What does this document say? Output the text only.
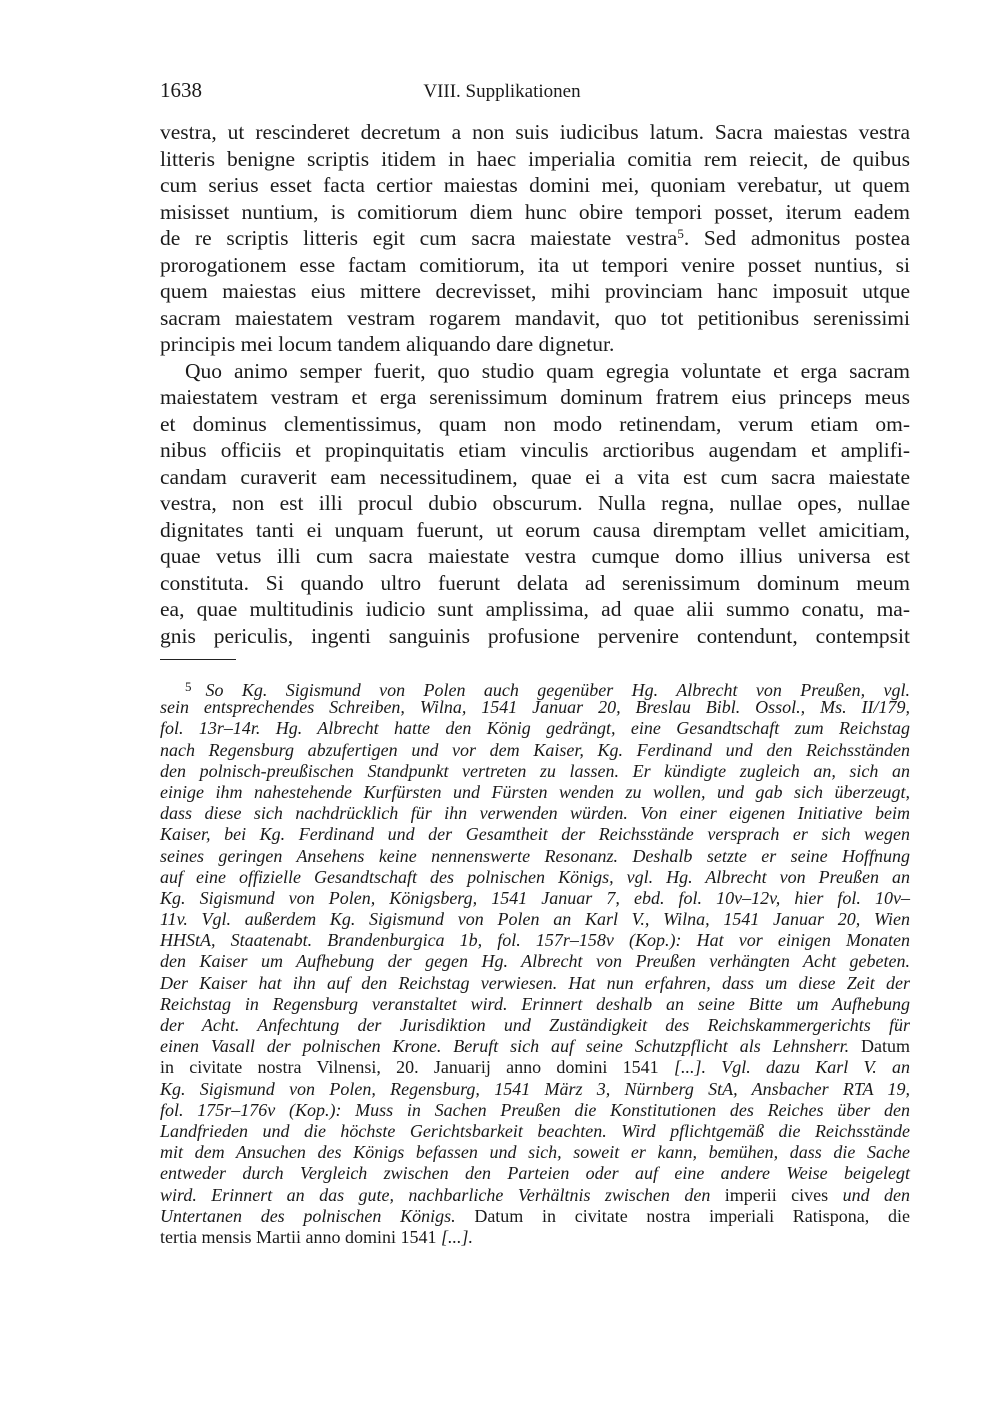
1638	VIII. Supplikationen
vestra, ut rescinderet decretum a non suis iudicibus latum. Sacra maiestas vestra
litteris benigne scriptis itidem in haec imperialia comitia rem reiecit, de quibus
cum serius esset facta certior maiestas domini mei, quoniam verebatur, ut quem
misisset nuntium, is comitiorum diem hunc obire tempori posset, iterum eadem
de re scriptis litteris egit cum sacra maiestate vestra$^5$. Sed admonitus postea
prorogationem esse factam comitiorum, ita ut tempori venire posset nuntius, si
quem maiestas eius mittere decrevisset, mihi provinciam hanc imposuit utque
sacram maiestatem vestram rogarem mandavit, quo tot petitionibus serenissimi
principis mei locum tandem aliquando dare dignetur.
Quo animo semper fuerit, quo studio quam egregia voluntate et erga sacram
maiestatem vestram et erga serenissimum dominum fratrem eius princeps meus
et dominus clementissimus, quam non modo retinendam, verum etiam om-
nibus officiis et propinquitatis etiam vinculis arctioribus augendam et amplifi-
candam curaverit eam necessitudinem, quae ei a vita est cum sacra maiestate
vestra, non est illi procul dubio obscurum. Nulla regna, nullae opes, nullae
dignitates tanti ei unquam fuerunt, ut eorum causa diremptam vellet amicitiam,
quae vetus illi cum sacra maiestate vestra cumque domo illius universa est
constituta. Si quando ultro fuerunt delata ad serenissimum dominum meum
ea, quae multitudinis iudicio sunt amplissima, ad quae alii summo conatu, ma-
gnis periculis, ingenti sanguinis profusione pervenire contendunt, contempsit
$^5$ So Kg. Sigismund von Polen auch gegenüber Hg. Albrecht von Preußen, vgl.
sein entsprechendes Schreiben, Wilna, 1541 Januar 20, Breslau Bibl. Ossol., Ms. II/179,
fol. 13r–14r. Hg. Albrecht hatte den König gedrängt, eine Gesandtschaft zum Reichstag
nach Regensburg abzufertigen und vor dem Kaiser, Kg. Ferdinand und den Reichsständen
den polnisch-preußischen Standpunkt vertreten zu lassen. Er kündigte zugleich an, sich an
einige ihm nahestehende Kurfürsten und Fürsten wenden zu wollen, und gab sich überzeugt,
dass diese sich nachdrücklich für ihn verwenden würden. Von einer eigenen Initiative beim
Kaiser, bei Kg. Ferdinand und der Gesamtheit der Reichsstände versprach er sich wegen
seines geringen Ansehens keine nennenswerte Resonanz. Deshalb setzte er seine Hoffnung
auf eine offizielle Gesandtschaft des polnischen Königs, vgl. Hg. Albrecht von Preußen an
Kg. Sigismund von Polen, Königsberg, 1541 Januar 7, ebd. fol. 10v–12v, hier fol. 10v–
11v. Vgl. außerdem Kg. Sigismund von Polen an Karl V., Wilna, 1541 Januar 20, Wien
HHStA, Staatenabt. Brandenburgica 1b, fol. 157r–158v (Kop.): Hat vor einigen Monaten
den Kaiser um Aufhebung der gegen Hg. Albrecht von Preußen verhängten Acht gebeten.
Der Kaiser hat ihn auf den Reichstag verwiesen. Hat nun erfahren, dass um diese Zeit der
Reichstag in Regensburg veranstaltet wird. Erinnert deshalb an seine Bitte um Aufhebung
der Acht. Anfechtung der Jurisdiktion und Zuständigkeit des Reichskammergerichts für
einen Vasall der polnischen Krone. Beruft sich auf seine Schutzpflicht als Lehnsherr. Datum
in civitate nostra Vilnensi, 20. Januarij anno domini 1541 [...]. Vgl. dazu Karl V. an
Kg. Sigismund von Polen, Regensburg, 1541 März 3, Nürnberg StA, Ansbacher RTA 19,
fol. 175r–176v (Kop.): Muss in Sachen Preußen die Konstitutionen des Reiches über den
Landfrieden und die höchste Gerichtsbarkeit beachten. Wird pflichtgemäß die Reichsstände
mit dem Ansuchen des Königs befassen und sich, soweit er kann, bemühen, dass die Sache
entweder durch Vergleich zwischen den Parteien oder auf eine andere Weise beigelegt
wird. Erinnert an das gute, nachbarliche Verhältnis zwischen den imperii cives und den
Untertanen des polnischen Königs. Datum in civitate nostra imperiali Ratispona, die
tertia mensis Martii anno domini 1541 [...].
